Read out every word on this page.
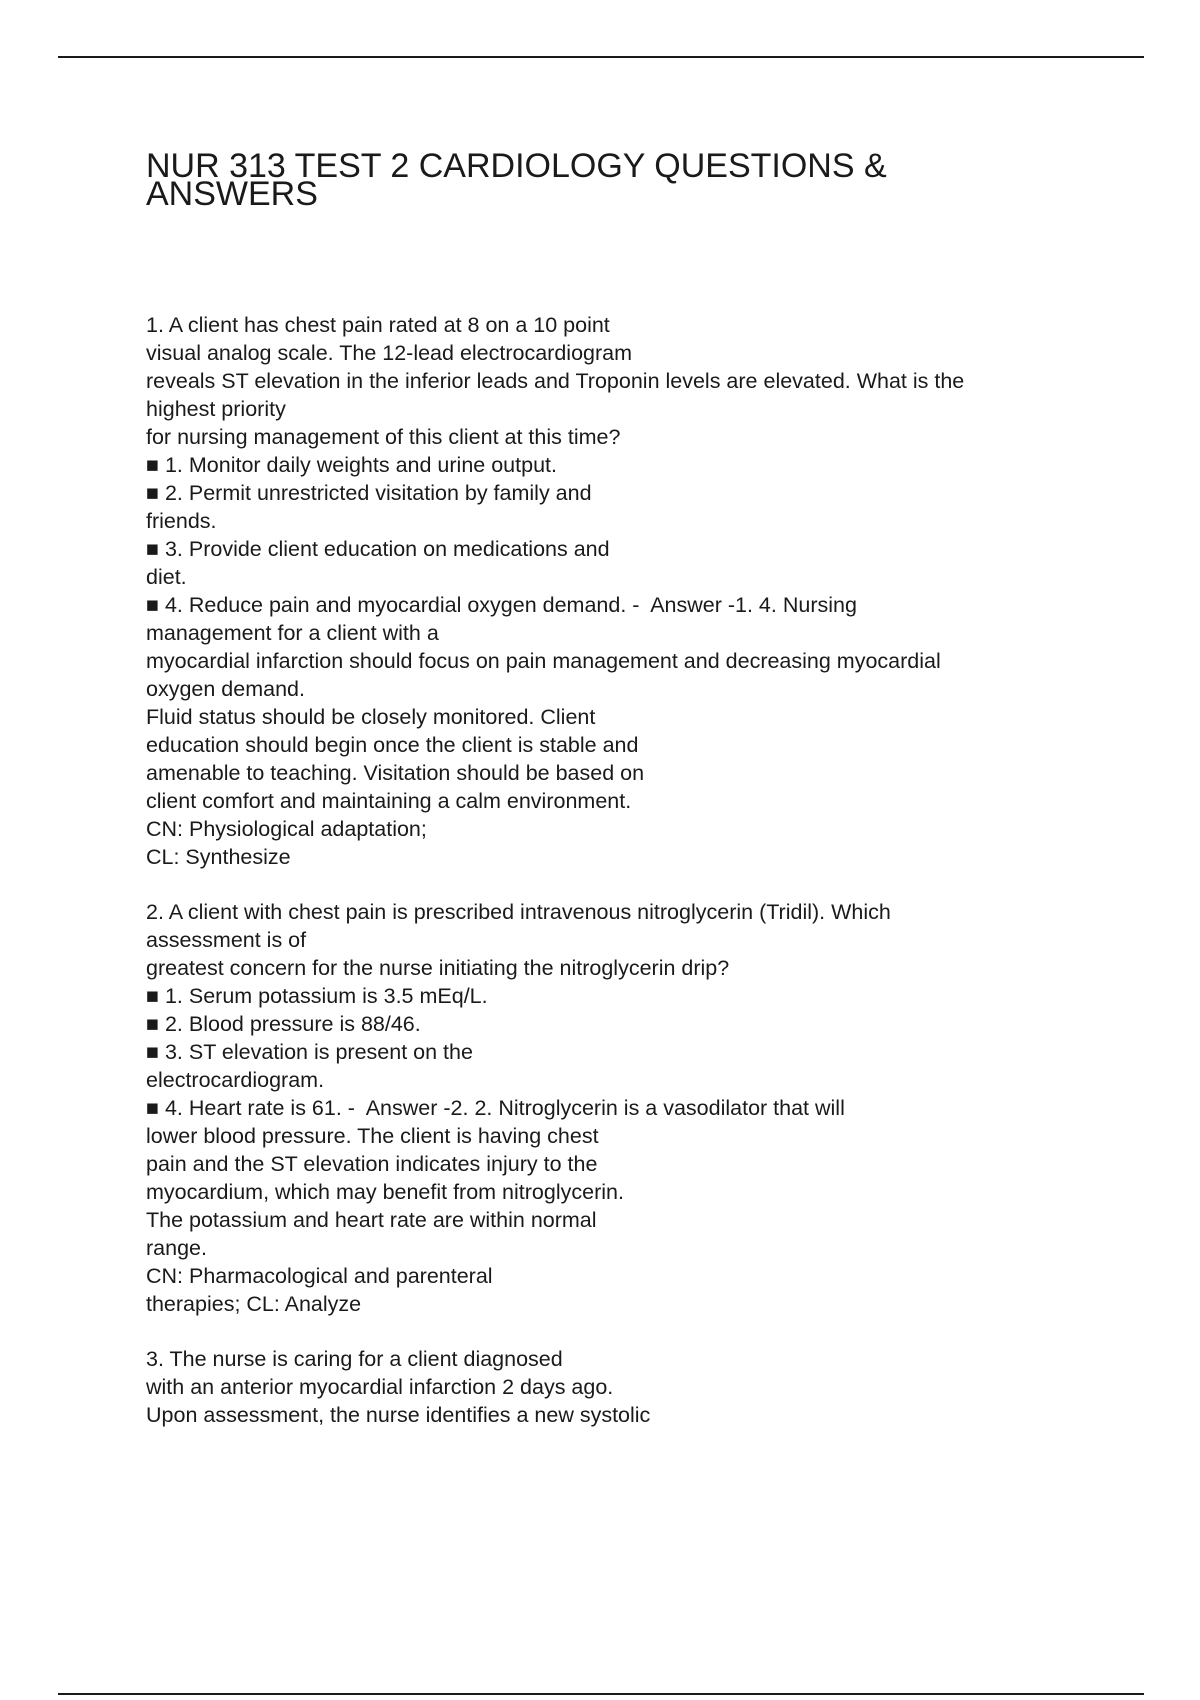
NUR 313 TEST 2 CARDIOLOGY QUESTIONS &
ANSWERS
1. A client has chest pain rated at 8 on a 10 point
visual analog scale. The 12-lead electrocardiogram
reveals ST elevation in the inferior leads and Troponin levels are elevated. What is the
highest priority
for nursing management of this client at this time?
■ 1. Monitor daily weights and urine output.
■ 2. Permit unrestricted visitation by family and
friends.
■ 3. Provide client education on medications and
diet.
■ 4. Reduce pain and myocardial oxygen demand. -  Answer -1. 4. Nursing
management for a client with a
myocardial infarction should focus on pain management and decreasing myocardial
oxygen demand.
Fluid status should be closely monitored. Client
education should begin once the client is stable and
amenable to teaching. Visitation should be based on
client comfort and maintaining a calm environment.
CN: Physiological adaptation;
CL: Synthesize
2. A client with chest pain is prescribed intravenous nitroglycerin (Tridil). Which
assessment is of
greatest concern for the nurse initiating the nitroglycerin drip?
■ 1. Serum potassium is 3.5 mEq/L.
■ 2. Blood pressure is 88/46.
■ 3. ST elevation is present on the
electrocardiogram.
■ 4. Heart rate is 61. -  Answer -2. 2. Nitroglycerin is a vasodilator that will
lower blood pressure. The client is having chest
pain and the ST elevation indicates injury to the
myocardium, which may benefit from nitroglycerin.
The potassium and heart rate are within normal
range.
CN: Pharmacological and parenteral
therapies; CL: Analyze
3. The nurse is caring for a client diagnosed
with an anterior myocardial infarction 2 days ago.
Upon assessment, the nurse identifies a new systolic
